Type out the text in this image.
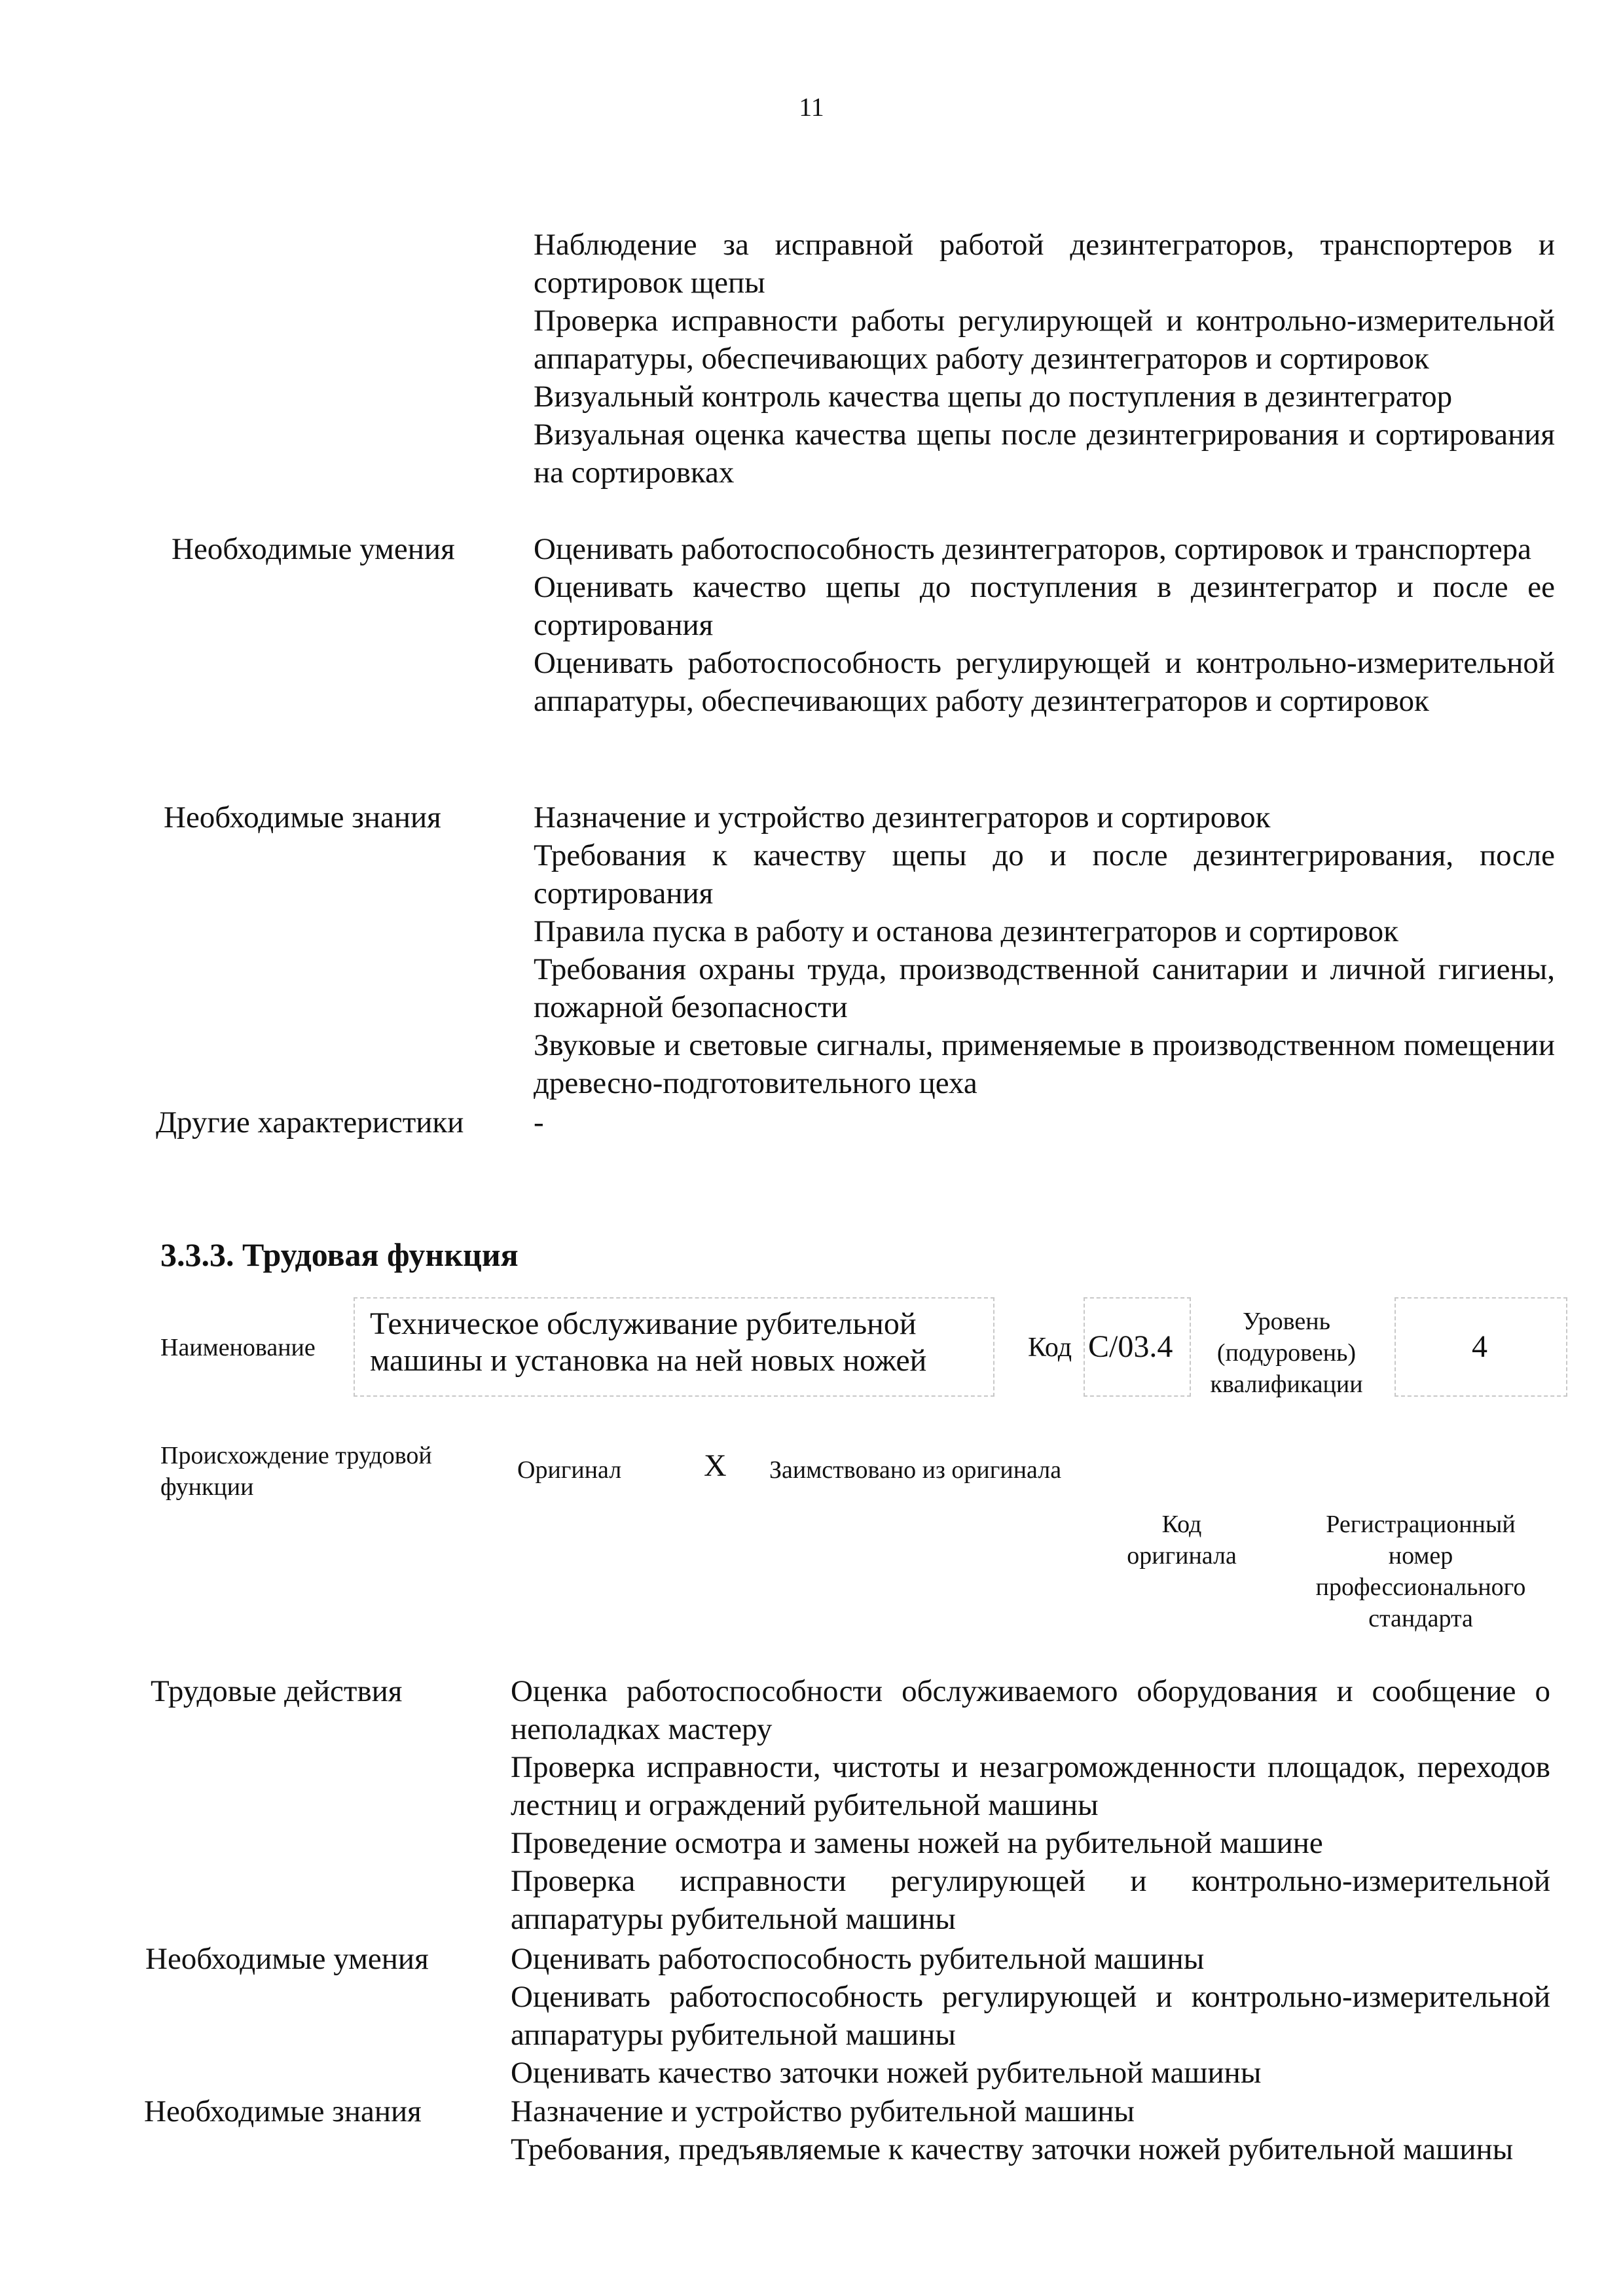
11

Наблюдение за исправной работой дезинтеграторов, транспортеров и сортировок щепы

Проверка исправности работы регулирующей и контрольно-измерительной аппаратуры, обеспечивающих работу дезинтеграторов и сортировок

Визуальный контроль качества щепы до поступления в дезинтегратор

Визуальная оценка качества щепы после дезинтегрирования и сортирования на сортировках

Необходимые умения	Оценивать работоспособность дезинтеграторов, сортировок и транспортера

Оценивать качество щепы до поступления в дезинтегратор и после ее сортирования

Оценивать работоспособность регулирующей и контрольно-измерительной аппаратуры, обеспечивающих работу дезинтеграторов и сортировок

Необходимые знания	Назначение и устройство дезинтеграторов и сортировок

Требования к качеству щепы до и после дезинтегрирования, после сортирования

Правила пуска в работу и останова дезинтеграторов и сортировок

Требования охраны труда, производственной санитарии и личной гигиены, пожарной безопасности

Звуковые и световые сигналы, применяемые в производственном помещении древесно-подготовительного цеха

Другие характеристики -
3.3.3. Трудовая функция
Наименование
Техническое обслуживание рубительной машины и установка на ней новых ножей	Код C/03.4
Уровень (подуровень) квалификации
4
Происхождение трудовой функции
Оригинал	X Заимствовано из оригинала
Код оригинала
Регистрационный номер профессионального стандарта
Трудовые действия	Оценка работоспособности обслуживаемого оборудования и сообщение о неполадках мастеру

Проверка исправности, чистоты и незагроможденности площадок, переходов лестниц и ограждений рубительной машины

Проведение осмотра и замены ножей на рубительной машине

Проверка исправности регулирующей и контрольно-измерительной аппаратуры рубительной машины

Необходимые умения	Оценивать работоспособность рубительной машины

Оценивать работоспособность регулирующей и контрольно-измерительной аппаратуры рубительной машины

Оценивать качество заточки ножей рубительной машины

Необходимые знания	Назначение и устройство рубительной машины

Требования, предъявляемые к качеству заточки ножей рубительной машины
